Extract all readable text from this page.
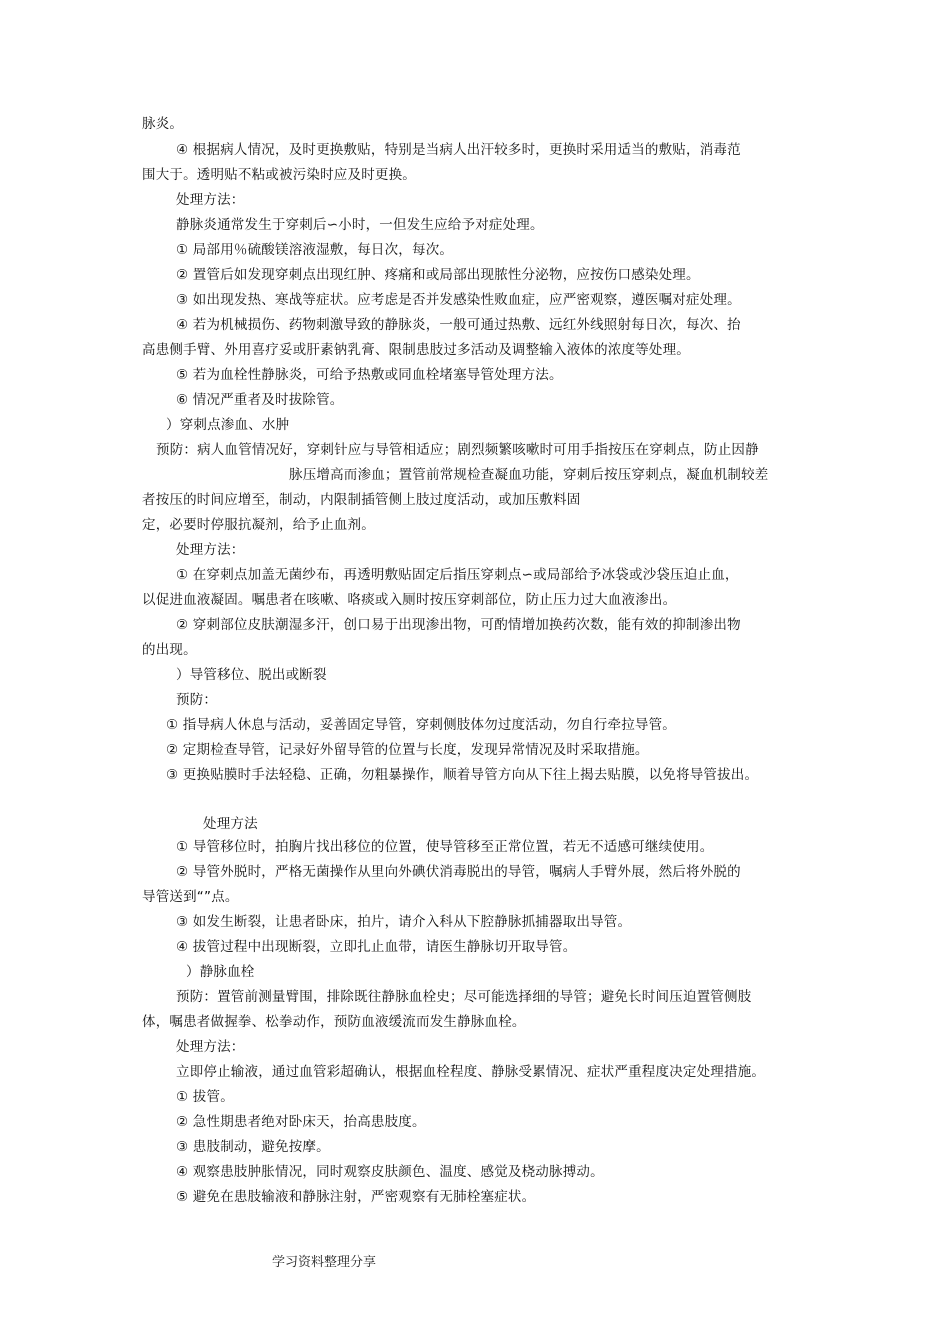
脉炎。
④ 根据病人情况，及时更换敷贴，特别是当病人出汗较多时，更换时采用适当的敷贴，消毒范
围大于。透明贴不粘或被污染时应及时更换。
处理方法：
静脉炎通常发生于穿刺后∽小时，一但发生应给予对症处理。
① 局部用％硫酸镁溶液湿敷，每日次，每次。
② 置管后如发现穿刺点出现红肿、疼痛和或局部出现脓性分泌物，应按伤口感染处理。
③ 如出现发热、寒战等症状。应考虑是否并发感染性败血症，应严密观察，遵医嘱对症处理。
④ 若为机械损伤、药物刺激导致的静脉炎，一般可通过热敷、远红外线照射每日次，每次、抬
高患侧手臂、外用喜疗妥或肝素钠乳膏、限制患肢过多活动及调整输入液体的浓度等处理。
⑤ 若为血栓性静脉炎，可给予热敷或同血栓堵塞导管处理方法。
⑥ 情况严重者及时拔除管。
）穿刺点渗血、水肿
预防：病人血管情况好，穿刺针应与导管相适应；剧烈频繁咳嗽时可用手指按压在穿刺点，防止因静
脉压增高而渗血；置管前常规检查凝血功能，穿刺后按压穿刺点，凝血机制较差
者按压的时间应增至，制动，内限制插管侧上肢过度活动，或加压敷料固
定，必要时停服抗凝剂，给予止血剂。
处理方法：
① 在穿刺点加盖无菌纱布，再透明敷贴固定后指压穿刺点∽或局部给予冰袋或沙袋压迫止血，
以促进血液凝固。嘱患者在咳嗽、咯痰或入厕时按压穿刺部位，防止压力过大血液渗出。
② 穿刺部位皮肤潮湿多汗，创口易于出现渗出物，可酌情增加换药次数，能有效的抑制渗出物
的出现。
）导管移位、脱出或断裂
预防：
① 指导病人休息与活动，妥善固定导管，穿刺侧肢体勿过度活动，勿自行牵拉导管。
② 定期检查导管，记录好外留导管的位置与长度，发现异常情况及时采取措施。
③ 更换贴膜时手法轻稳、正确，勿粗暴操作，顺着导管方向从下往上揭去贴膜，以免将导管拔出。
处理方法
① 导管移位时，拍胸片找出移位的位置，使导管移至正常位置，若无不适感可继续使用。
② 导管外脱时，严格无菌操作从里向外碘伏消毒脱出的导管，嘱病人手臂外展，然后将外脱的
导管送到“”点。
③ 如发生断裂，让患者卧床，拍片，请介入科从下腔静脉抓捕器取出导管。
④ 拔管过程中出现断裂，立即扎止血带，请医生静脉切开取导管。
）静脉血栓
预防：置管前测量臂围，排除既往静脉血栓史；尽可能选择细的导管；避免长时间压迫置管侧肢
体，嘱患者做握拳、松拳动作，预防血液缓流而发生静脉血栓。
处理方法：
立即停止输液，通过血管彩超确认，根据血栓程度、静脉受累情况、症状严重程度决定处理措施。
① 拔管。
② 急性期患者绝对卧床天，抬高患肢度。
③ 患肢制动，避免按摩。
④ 观察患肢肿胀情况，同时观察皮肤颜色、温度、感觉及桡动脉搏动。
⑤ 避免在患肢输液和静脉注射，严密观察有无肺栓塞症状。
学习资料整理分享
